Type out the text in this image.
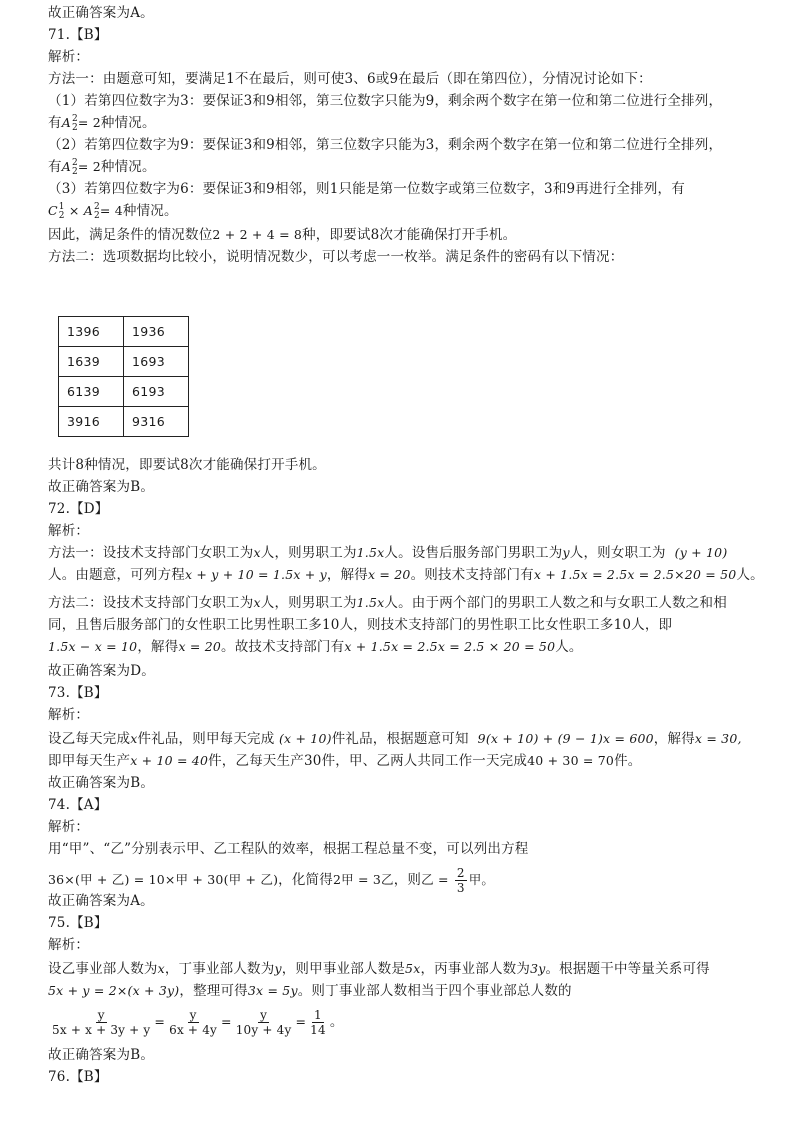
故正确答案为A。
71.【B】
解析：
方法一：由题意可知，要满足1不在最后，则可使3、6或9在最后（即在第四位），分情况讨论如下：
（1）若第四位数字为3：要保证3和9相邻，第三位数字只能为9，剩余两个数字在第一位和第二位进行全排列，
有A 2
2 = 2种情况。
（2）若第四位数字为9：要保证3和9相邻，第三位数字只能为3，剩余两个数字在第一位和第二位进行全排列，
有A 2
2 = 2种情况。
（3）若第四位数字为6：要保证3和9相邻，则1只能是第一位数字或第三位数字，3和9再进行全排列，有
C 1
2 × A 2
2 = 4种情况。
因此，满足条件的情况数位2 + 2 + 4 = 8种，即要试8次才能确保打开手机。
方法二：选项数据均比较小，说明情况数少，可以考虑一一枚举。满足条件的密码有以下情况：
1396	1936
1639	1693
6139	6193
3916	9316
共计8种情况，即要试8次才能确保打开手机。
故正确答案为B。
72.【D】
解析：
方法一：设技术支持部门女职工为x人，则男职工为1.5x人。设售后服务部门男职工为y人，则女职工为 (y + 10)
人。由题意，可列方程x + y + 10 = 1.5x + y，解得x = 20。则技术支持部门有x + 1.5x = 2.5x = 2.5×20 = 50人。
方法二：设技术支持部门女职工为x人，则男职工为1.5x人。由于两个部门的男职工人数之和与女职工人数之和相
同，且售后服务部门的女性职工比男性职工多10人，则技术支持部门的男性职工比女性职工多10人，即
1.5x − x = 10，解得x = 20。故技术支持部门有x + 1.5x = 2.5x = 2.5 × 20 = 50人。
故正确答案为D。
73.【B】
解析：
设乙每天完成x件礼品，则甲每天完成 (x + 10)件礼品，根据题意可知 9(x + 10) + (9 − 1)x = 600，解得x = 30,
即甲每天生产x + 10 = 40件，乙每天生产30件，甲、乙两人共同工作一天完成40 + 30 = 70件。
故正确答案为B。
74.【A】
解析：
用“甲”、“乙”分别表示甲、乙工程队的效率，根据工程总量不变，可以列出方程
36×(甲 + 乙) = 10×甲 + 30(甲 + 乙)，化简得2甲 = 3乙，则乙 = $\frac{2}{3}$ 甲。
故正确答案为A。
75.【B】
解析：
设乙事业部人数为x，丁事业部人数为y，则甲事业部人数是5x，丙事业部人数为3y。根据题干中等量关系可得
5x + y = 2×(x + 3y)，整理可得3x = 5y。则丁事业部人数相当于四个事业部总人数的
$\frac{y}{5x + x + 3y + y} = \frac{y}{6x + 4y} = \frac{y}{10y + 4y} = \frac{1}{14}$ 。
故正确答案为B。
76.【B】
